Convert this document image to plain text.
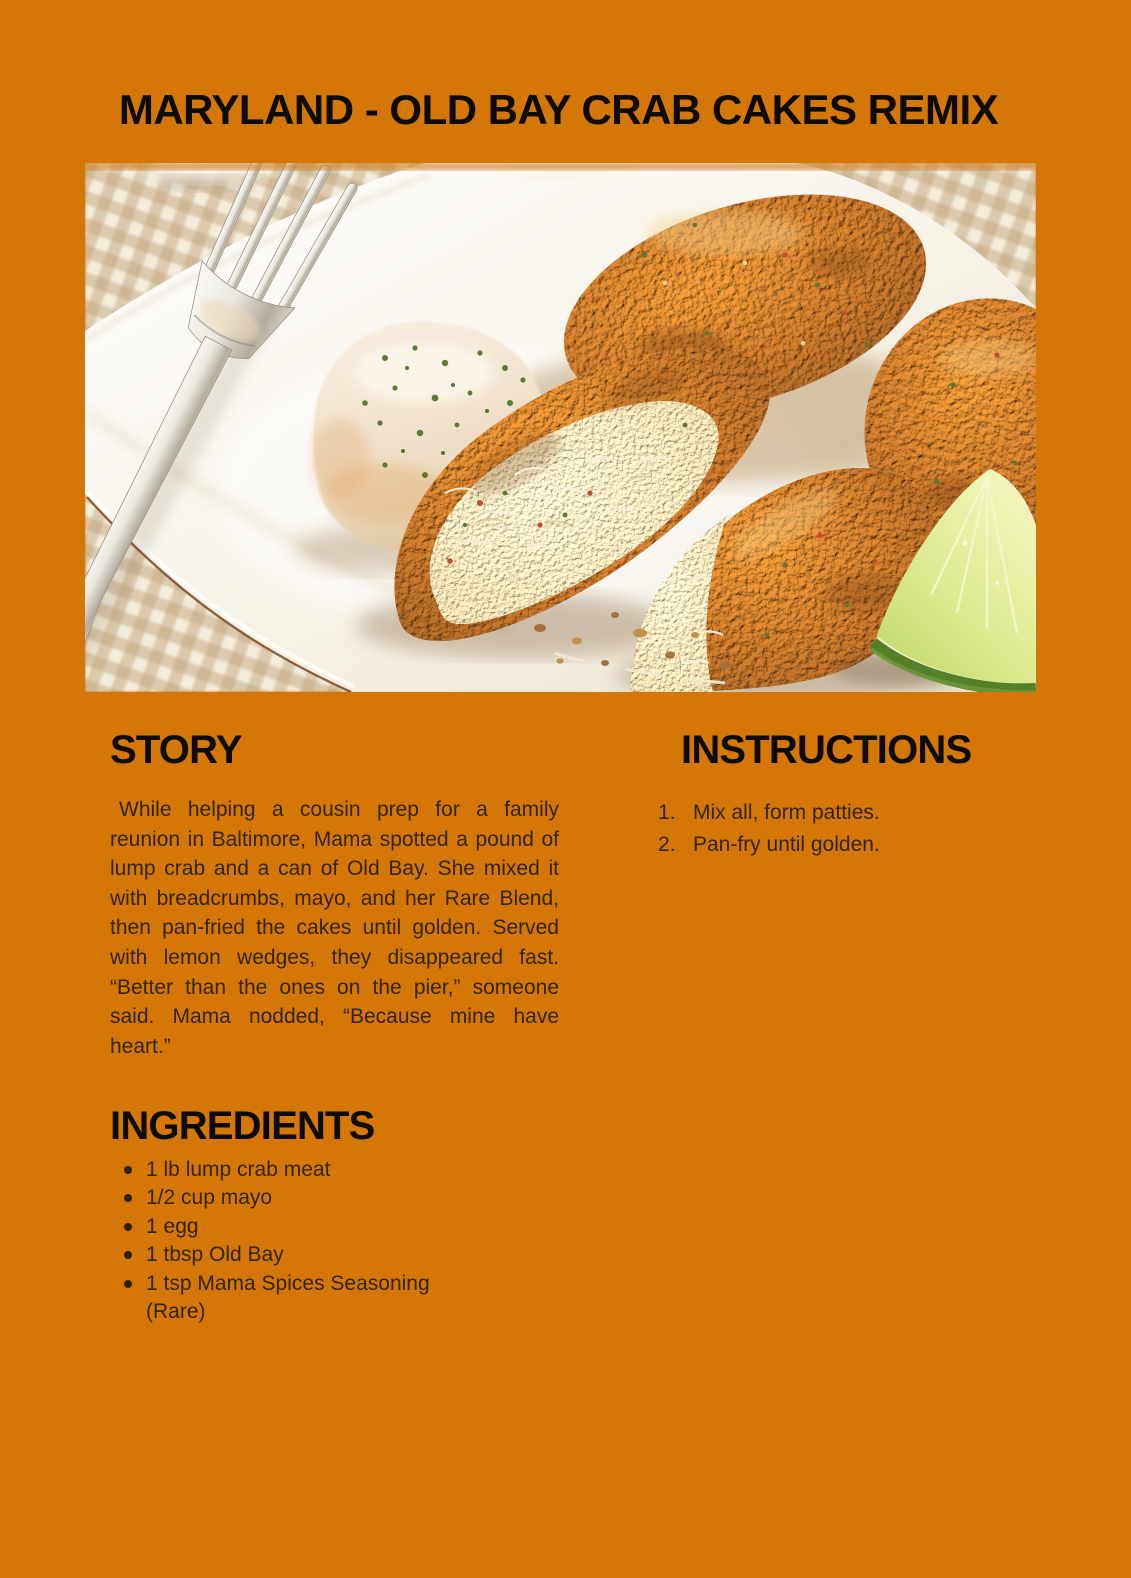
MARYLAND - OLD BAY CRAB CAKES REMIX
STORY
While helping a cousin prep for a family reunion in Baltimore, Mama spotted a pound of lump crab and a can of Old Bay. She mixed it with breadcrumbs, mayo, and her Rare Blend, then pan-fried the cakes until golden. Served with lemon wedges, they disappeared fast. “Better than the ones on the pier,” someone said. Mama nodded, “Because mine have heart.”
INSTRUCTIONS
Mix all, form patties.
Pan-fry until golden.
INGREDIENTS
1 lb lump crab meat
1/2 cup mayo
1 egg
1 tbsp Old Bay
1 tsp Mama Spices Seasoning (Rare)
